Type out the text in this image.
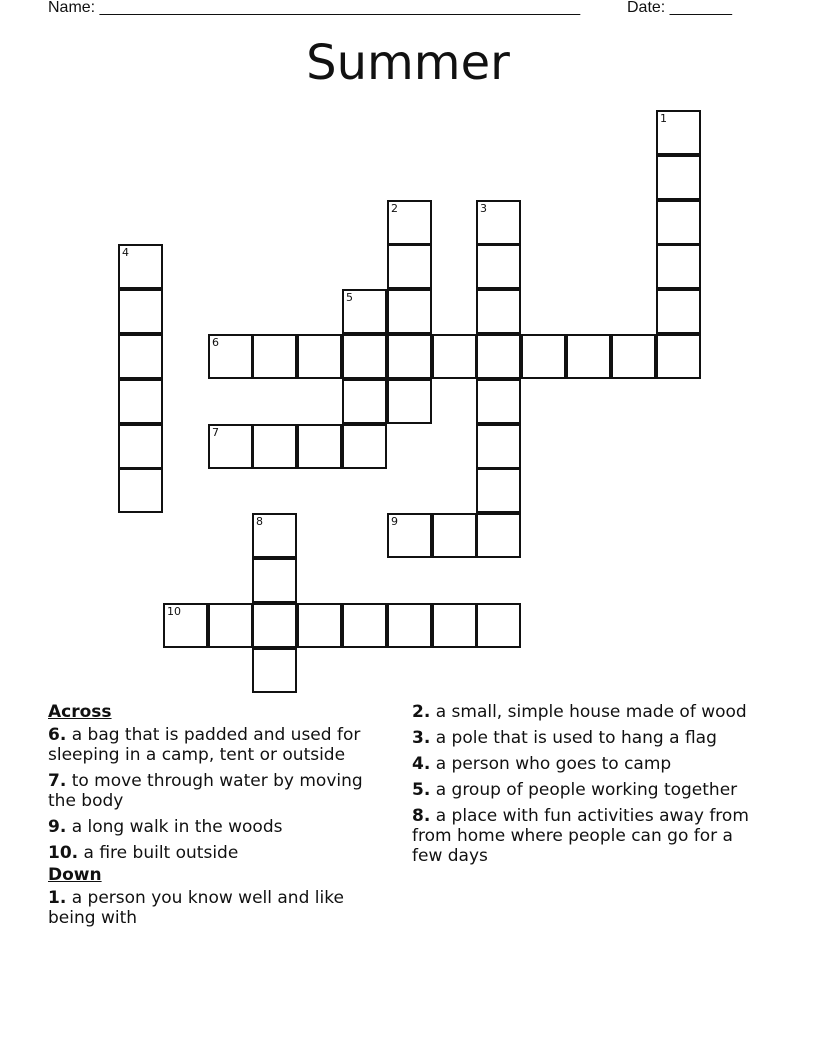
Name: ______________________________________________________	Date: _______
Summer
1
2	3
4
5
6
7
8	9
10
Across
6. a bag that is padded and used for sleeping in a camp, tent or outside
7. to move through water by moving the body
9. a long walk in the woods
10. a fire built outside
Down
1. a person you know well and like being with
2. a small, simple house made of wood
3. a pole that is used to hang a flag
4. a person who goes to camp
5. a group of people working together
8. a place with fun activities away from from home where people can go for a few days
